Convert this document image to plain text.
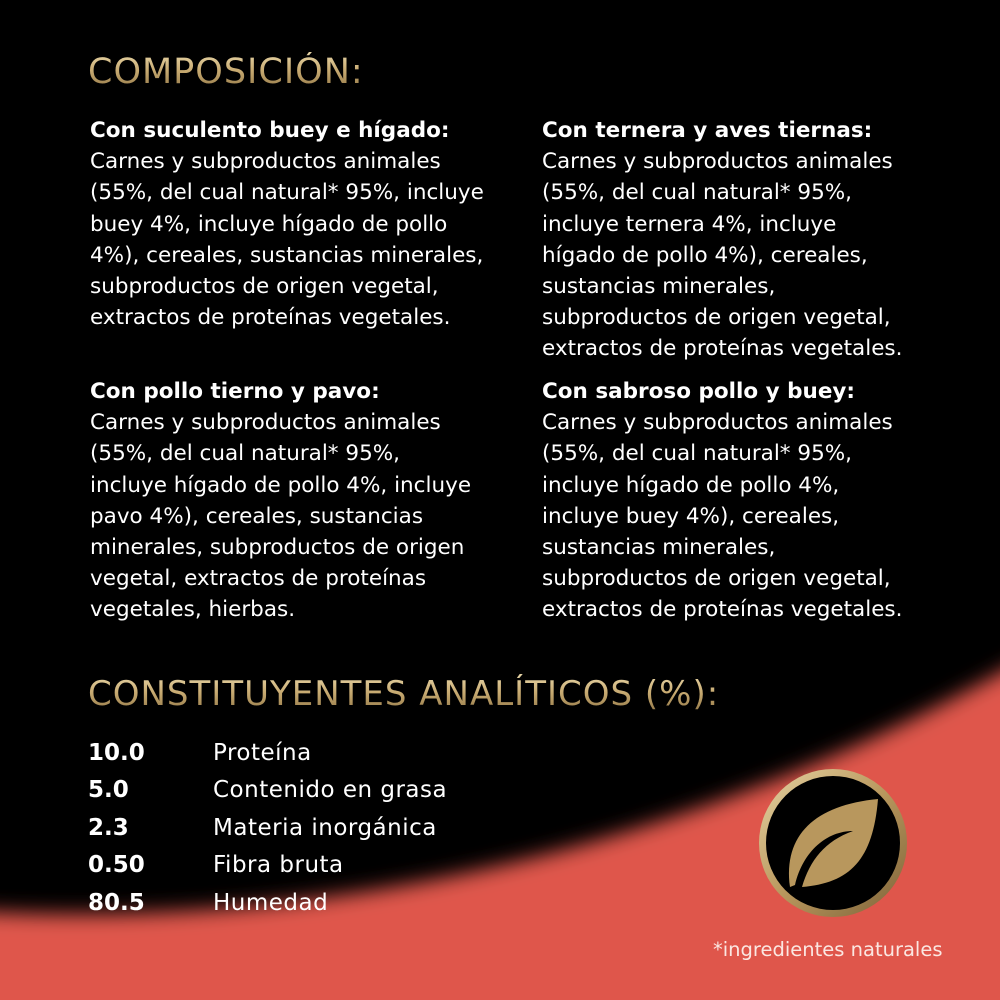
COMPOSICIÓN:
Con suculento buey e hígado:
Carnes y subproductos animales
(55%, del cual natural* 95%, incluye
buey 4%, incluye hígado de pollo
4%), cereales, sustancias minerales,
subproductos de origen vegetal,
extractos de proteínas vegetales.
Con ternera y aves tiernas:
Carnes y subproductos animales
(55%, del cual natural* 95%,
incluye ternera 4%, incluye
hígado de pollo 4%), cereales,
sustancias minerales,
subproductos de origen vegetal,
extractos de proteínas vegetales.
Con pollo tierno y pavo:
Carnes y subproductos animales
(55%, del cual natural* 95%,
incluye hígado de pollo 4%, incluye
pavo 4%), cereales, sustancias
minerales, subproductos de origen
vegetal, extractos de proteínas
vegetales, hierbas.
Con sabroso pollo y buey:
Carnes y subproductos animales
(55%, del cual natural* 95%,
incluye hígado de pollo 4%,
incluye buey 4%), cereales,
sustancias minerales,
subproductos de origen vegetal,
extractos de proteínas vegetales.
CONSTITUYENTES ANALÍTICOS (%):
10.0	Proteína
5.0	Contenido en grasa
2.3	Materia inorgánica
0.50	Fibra bruta
80.5	Humedad
*ingredientes naturales
